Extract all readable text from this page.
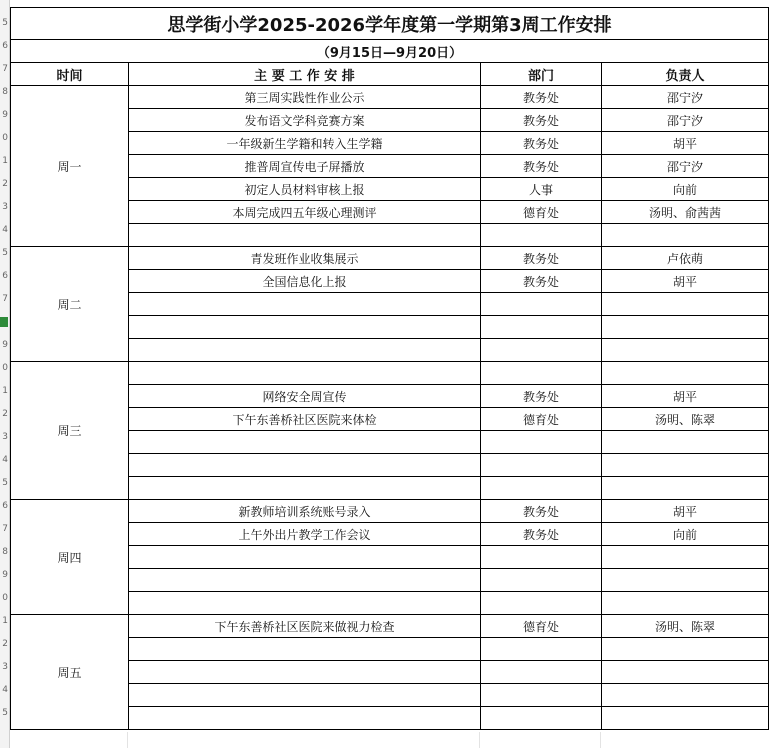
5
6
7
8
9
0
1
2
3
4
5
6
7
8
9
0
1
2
3
4
5
6
7
8
9
0
1
2
3
4
5
思学街小学2025-2026学年度第一学期第3周工作安排			
（9月15日—9月20日）			
时间	主 要 工 作 安 排	部门	负责人
周一	第三周实践性作业公示	教务处	邵宁汐
	发布语文学科竞赛方案	教务处	邵宁汐
	一年级新生学籍和转入生学籍	教务处	胡平
	推普周宣传电子屏播放	教务处	邵宁汐
	初定人员材料审核上报	人事	向前
	本周完成四五年级心理测评	德育处	汤明、俞茜茜

周二	青发班作业收集展示	教务处	卢依萌
	全国信息化上报	教务处	胡平

周三			
	网络安全周宣传	教务处	胡平
	下午东善桥社区医院来体检	德育处	汤明、陈翠

周四	新教师培训系统账号录入	教务处	胡平
	上午外出片教学工作会议	教务处	向前

周五	下午东善桥社区医院来做视力检查	德育处	汤明、陈翠
